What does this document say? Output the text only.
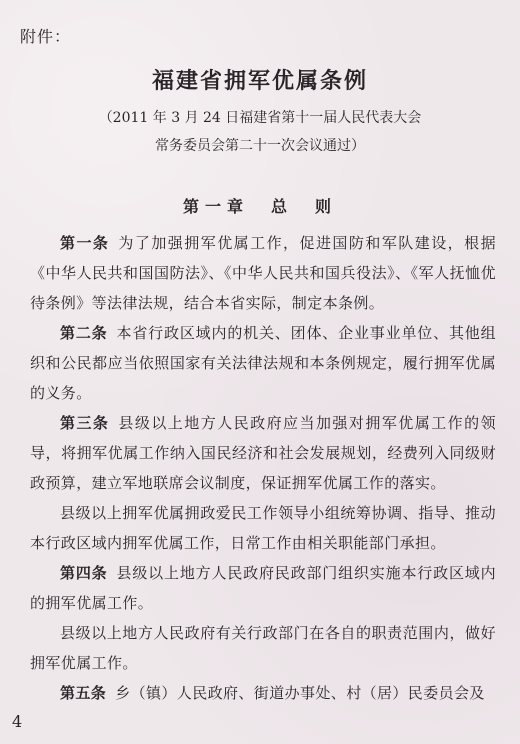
附件：
福建省拥军优属条例
（2011 年 3 月 24 日福建省第十一届人民代表大会
常务委员会第二十一次会议通过）
第一章　总　则

第一条 为了加强拥军优属工作，促进国防和军队建设，根据《中华人民共和国国防法》、《中华人民共和国兵役法》、《军人抚恤优待条例》等法律法规，结合本省实际，制定本条例。

第二条 本省行政区域内的机关、团体、企业事业单位、其他组织和公民都应当依照国家有关法律法规和本条例规定，履行拥军优属的义务。

第三条 县级以上地方人民政府应当加强对拥军优属工作的领导，将拥军优属工作纳入国民经济和社会发展规划，经费列入同级财政预算，建立军地联席会议制度，保证拥军优属工作的落实。

县级以上拥军优属拥政爱民工作领导小组统筹协调、指导、推动本行政区域内拥军优属工作，日常工作由相关职能部门承担。

第四条 县级以上地方人民政府民政部门组织实施本行政区域内的拥军优属工作。

县级以上地方人民政府有关行政部门在各自的职责范围内，做好拥军优属工作。

第五条 乡（镇）人民政府、街道办事处、村（居）民委员会及

4
